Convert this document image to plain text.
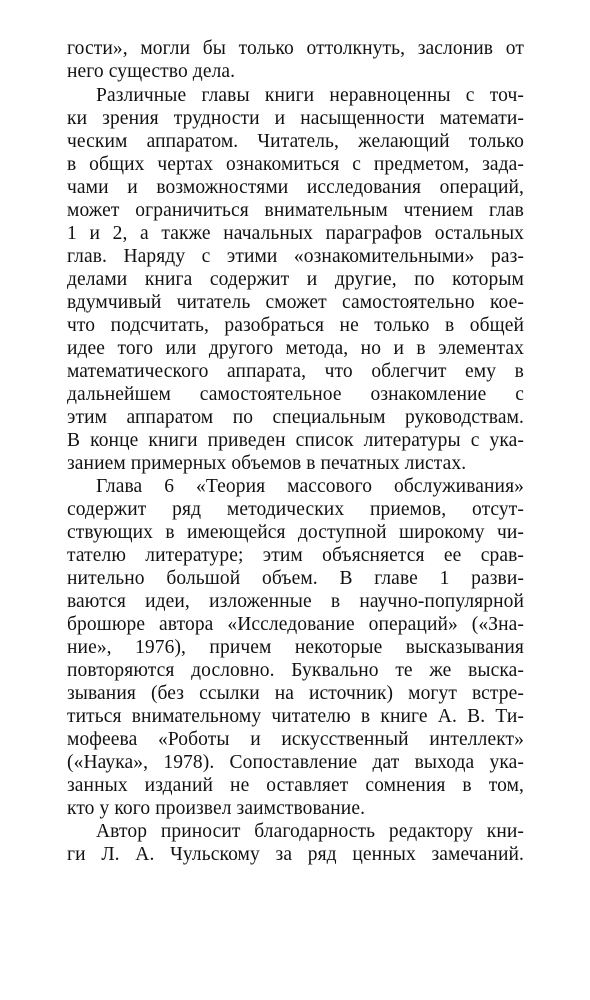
гости», могли бы только оттолкнуть, заслонив от
него существо дела.
Различные главы книги неравноценны с точ-
ки зрения трудности и насыщенности математи-
ческим аппаратом. Читатель, желающий только
в общих чертах ознакомиться с предметом, зада-
чами и возможностями исследования операций,
может ограничиться внимательным чтением глав
1 и 2, а также начальных параграфов остальных
глав. Наряду с этими «ознакомительными» раз-
делами книга содержит и другие, по которым
вдумчивый читатель сможет самостоятельно кое-
что подсчитать, разобраться не только в общей
идее того или другого метода, но и в элементах
математического аппарата, что облегчит ему в
дальнейшем самостоятельное ознакомление с
этим аппаратом по специальным руководствам.
В конце книги приведен список литературы с ука-
занием примерных объемов в печатных листах.
Глава 6 «Теория массового обслуживания»
содержит ряд методических приемов, отсут-
ствующих в имеющейся доступной широкому чи-
тателю литературе; этим объясняется ее срав-
нительно большой объем. В главе 1 разви-
ваются идеи, изложенные в научно-популярной
брошюре автора «Исследование операций» («Зна-
ние», 1976), причем некоторые высказывания
повторяются дословно. Буквально те же выска-
зывания (без ссылки на источник) могут встре-
титься внимательному читателю в книге А. В. Ти-
мофеева «Роботы и искусственный интеллект»
(«Наука», 1978). Сопоставление дат выхода ука-
занных изданий не оставляет сомнения в том,
кто у кого произвел заимствование.
Автор приносит благодарность редактору кни-
ги Л. А. Чульскому за ряд ценных замечаний.
